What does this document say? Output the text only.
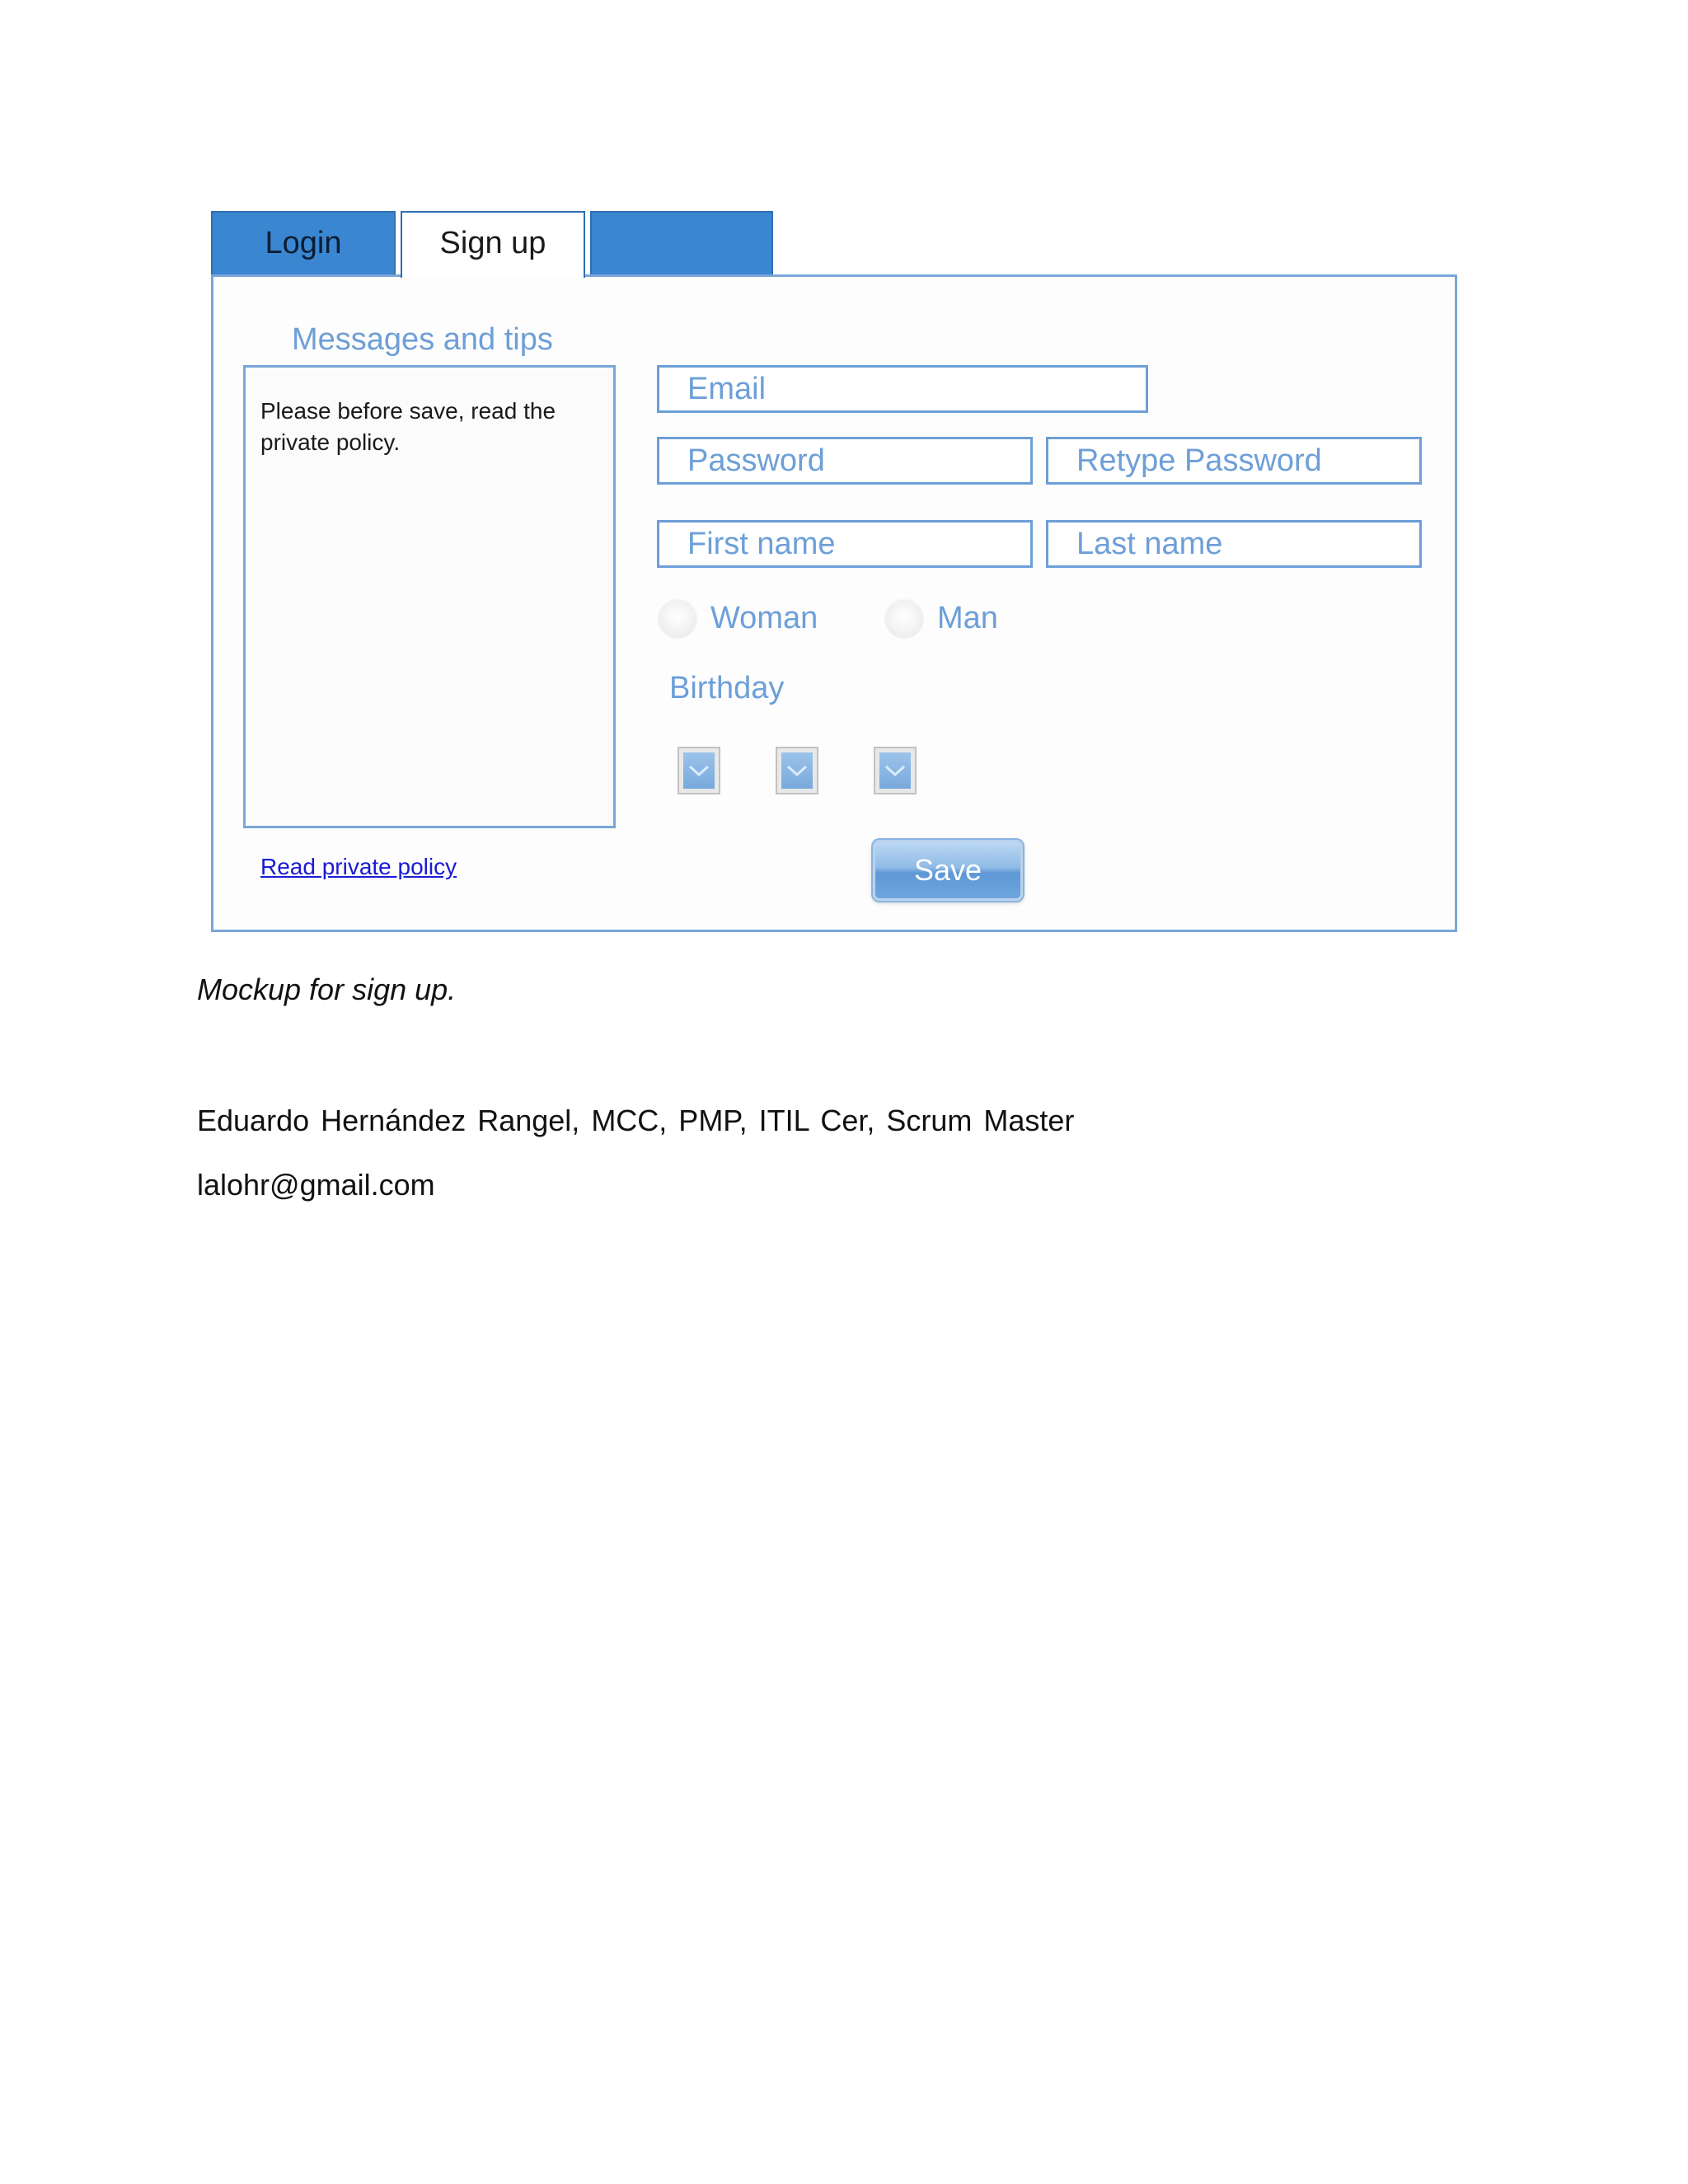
Login	Sign up
Messages and tips
Please before save, read the private policy.
Read private policy
Email
Password
Retype Password
First name
Last name
Woman	Man
Birthday
Save
Mockup for sign up.
Eduardo Hernández Rangel, MCC, PMP, ITIL Cer, Scrum Master
lalohr@gmail.com
